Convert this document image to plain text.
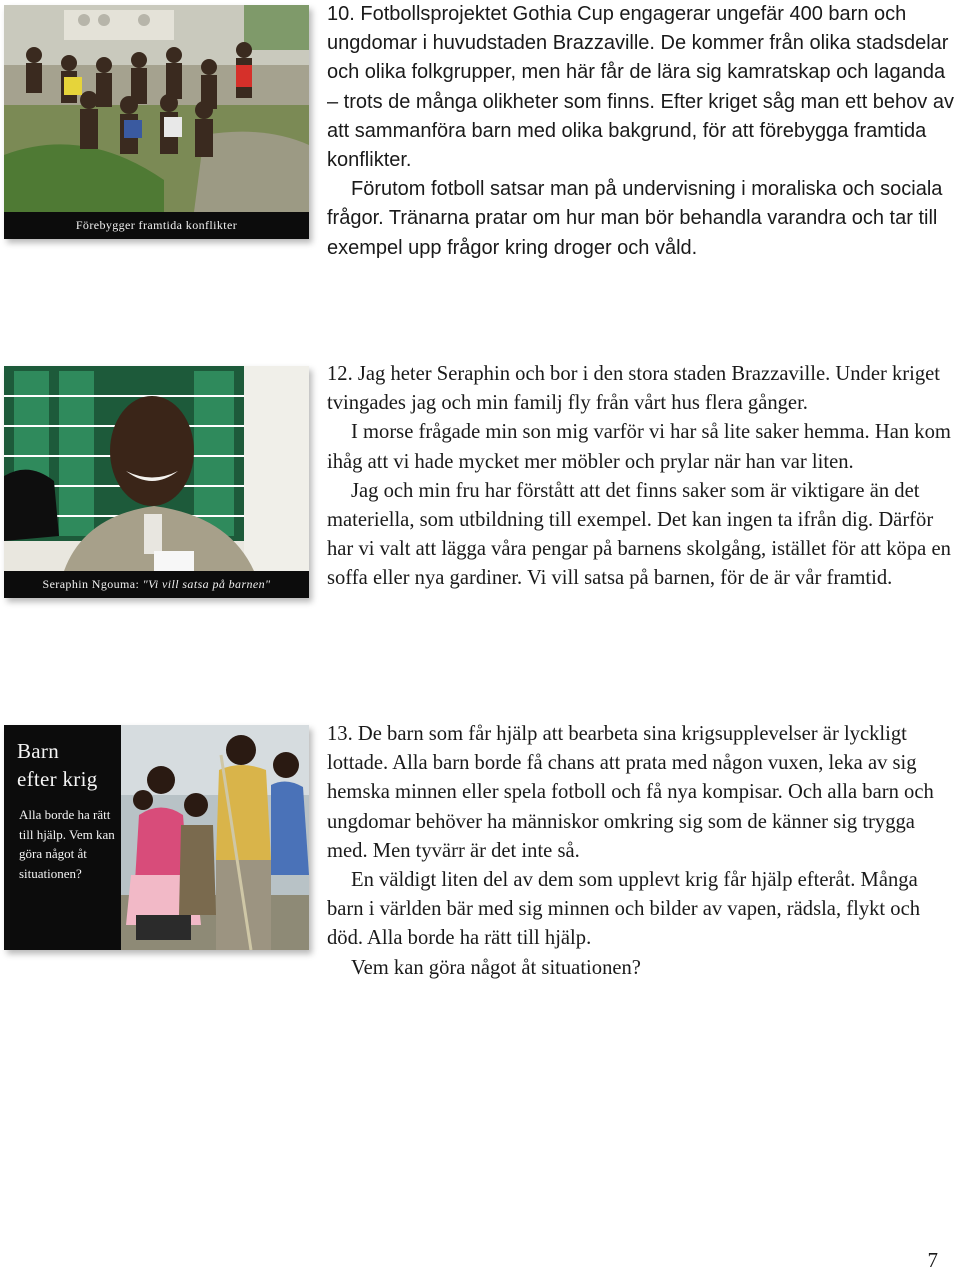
Förebygger framtida konflikter
Seraphin Ngouma: "Vi vill satsa på barnen"
Barn
efter krig
Alla borde ha rätt till hjälp. Vem kan göra något åt situationen?

10. Fotbollsprojektet Gothia Cup engagerar ungefär 400 barn och ungdomar i huvudstaden Brazzaville. De kommer från olika stadsdelar och olika folkgrupper, men här får de lära sig kamratskap och laganda – trots de många olikheter som finns. Efter kriget såg man ett behov av att sammanföra barn med olika bakgrund, för att förebygga framtida konflikter.

Förutom fotboll satsar man på undervisning i moraliska och sociala frågor. Tränarna pratar om hur man bör behandla varandra och tar till exempel upp frågor kring droger och våld.

12. Jag heter Seraphin och bor i den stora staden Brazzaville. Under kriget tvingades jag och min familj fly från vårt hus flera gånger.

I morse frågade min son mig varför vi har så lite saker hemma. Han kom ihåg att vi hade mycket mer möbler och prylar när han var liten.

Jag och min fru har förstått att det finns saker som är viktigare än det materiella, som utbildning till exempel. Det kan ingen ta ifrån dig. Därför har vi valt att lägga våra pengar på barnens skolgång, istället för att köpa en soffa eller nya gardiner. Vi vill satsa på barnen, för de är vår framtid.

13. De barn som får hjälp att bearbeta sina krigsupplevelser är lyckligt lottade. Alla barn borde få chans att prata med någon vuxen, leka av sig hemska minnen eller spela fotboll och få nya kompisar. Och alla barn och ungdomar behöver ha människor omkring sig som de känner sig trygga med. Men tyvärr är det inte så.

En väldigt liten del av dem som upplevt krig får hjälp efteråt. Många barn i världen bär med sig minnen och bilder av vapen, rädsla, flykt och död. Alla borde ha rätt till hjälp.

Vem kan göra något åt situationen?

7
